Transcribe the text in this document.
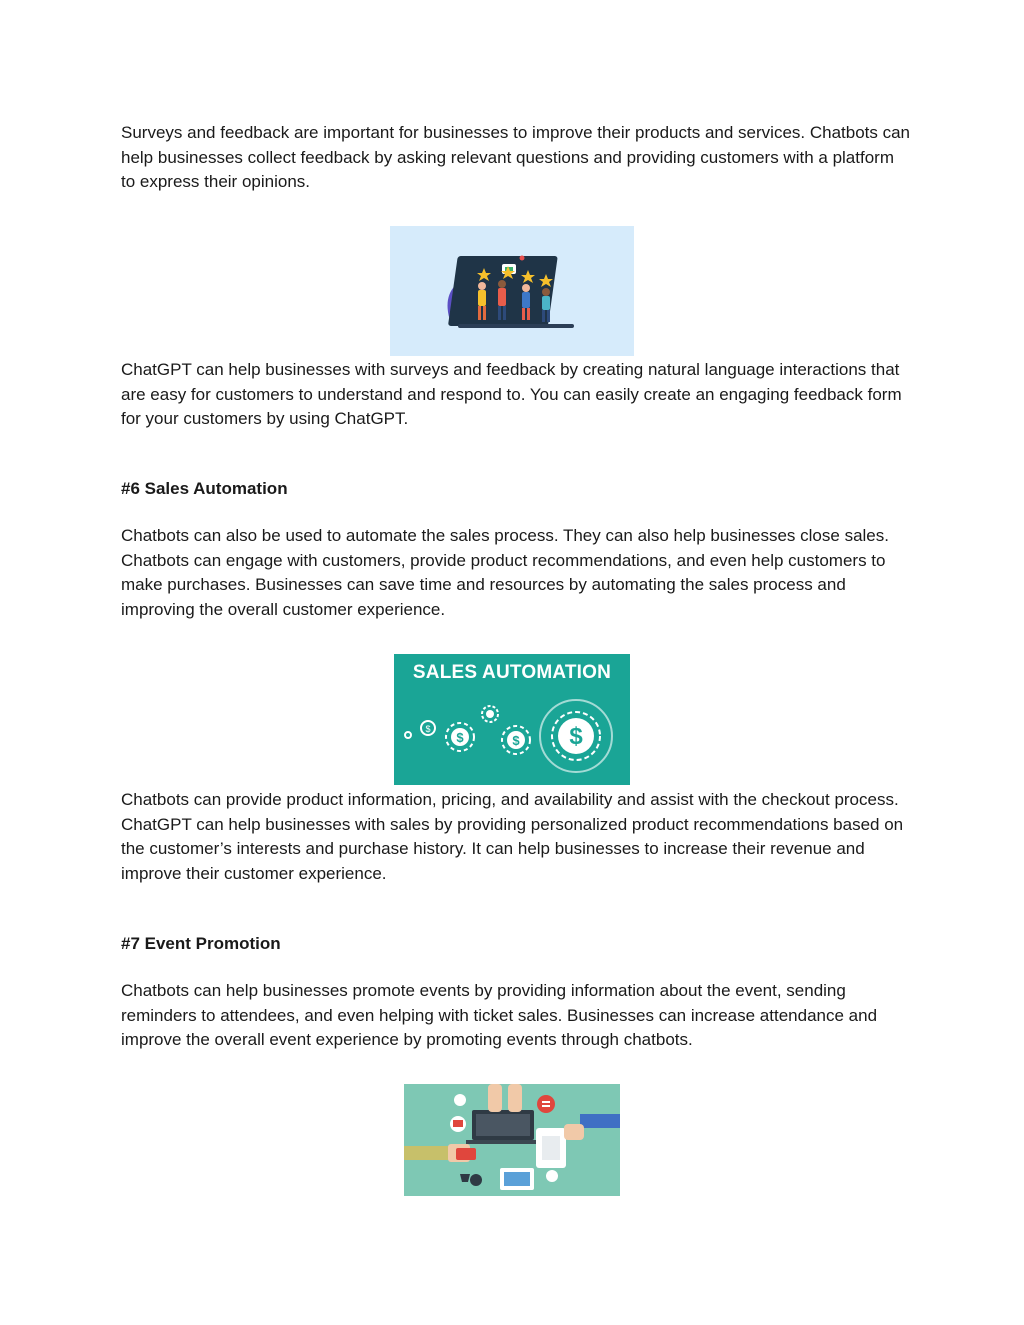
Surveys and feedback are important for businesses to improve their products and services. Chatbots can help businesses collect feedback by asking relevant questions and providing customers with a platform to express their opinions.

ChatGPT can help businesses with surveys and feedback by creating natural language interactions that are easy for customers to understand and respond to. You can easily create an engaging feedback form for your customers by using ChatGPT.

#6 Sales Automation

Chatbots can also be used to automate the sales process. They can also help businesses close sales. Chatbots can engage with customers, provide product recommendations, and even help customers to make purchases. Businesses can save time and resources by automating the sales process and improving the overall customer experience.

SALES AUTOMATION
$	$ $
$

Chatbots can provide product information, pricing, and availability and assist with the checkout process. ChatGPT can help businesses with sales by providing personalized product recommendations based on the customer’s interests and purchase history. It can help businesses to increase their revenue and improve their customer experience.

#7 Event Promotion

Chatbots can help businesses promote events by providing information about the event, sending reminders to attendees, and even helping with ticket sales. Businesses can increase attendance and improve the overall event experience by promoting events through chatbots.
